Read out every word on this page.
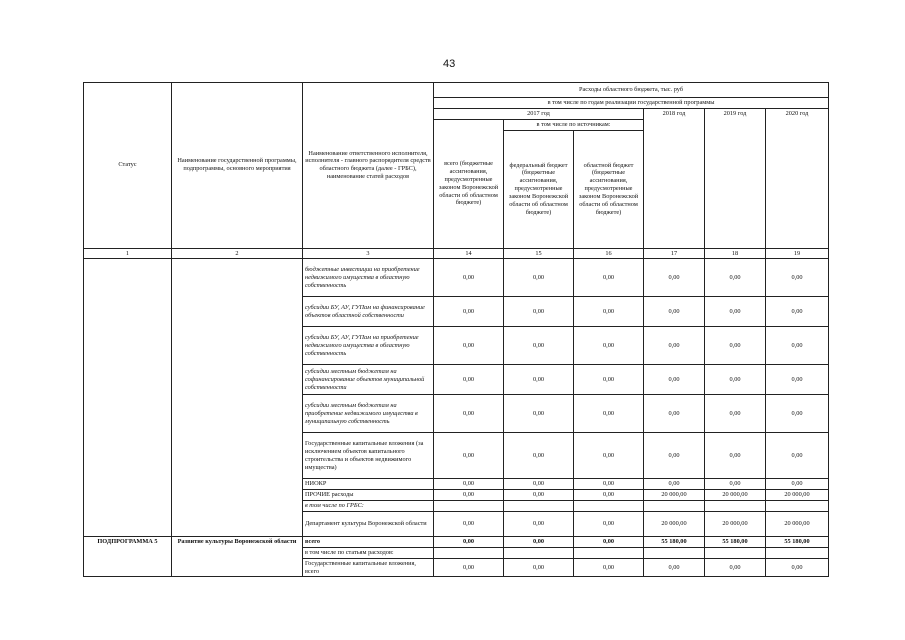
43
Статус	Наименование государственной программы, подпрограммы, основного мероприятия	Наименование ответственного исполнителя, исполнителя - главного распорядителя средств областного бюджета (далее - ГРБС), наименование статей расходов	Расходы областного бюджета, тыс. руб					
			в том числе по годам реализации государственной программы					
			2017 год			2018 год	2019 год	2020 год
			всего (бюджетные ассигнования, предусмотренные законом Воронежской области об областном бюджете)	в том числе по источникам:				
				федеральный бюджет (бюджетные ассигнования, предусмотренные законом Воронежской области об областном бюджете)	областной бюджет (бюджетные ассигнования, предусмотренные законом Воронежской области об областном бюджете)			
1	2	3	14	15	16	17	18	19
		бюджетные инвестиции на приобретение недвижимого имущества в областную собственность	0,00	0,00	0,00	0,00	0,00	0,00
		субсидии БУ, АУ, ГУПам на финансирование объектов областной собственности	0,00	0,00	0,00	0,00	0,00	0,00
		субсидии БУ, АУ, ГУПам на приобретение недвижимого имущества в областную собственность	0,00	0,00	0,00	0,00	0,00	0,00
		субсидии местным бюджетам на софинансирование объектов муниципальной собственности	0,00	0,00	0,00	0,00	0,00	0,00
		субсидии местным бюджетам на приобретение недвижимого имущества в муниципальную собственность	0,00	0,00	0,00	0,00	0,00	0,00
		Государственные капитальные вложения (за исключением объектов капитального строительства и объектов недвижимого имущества)	0,00	0,00	0,00	0,00	0,00	0,00
		НИОКР	0,00	0,00	0,00	0,00	0,00	0,00
		ПРОЧИЕ расходы	0,00	0,00	0,00	20 000,00	20 000,00	20 000,00
		в том числе по ГРБС:						
		Департамент культуры Воронежской области	0,00	0,00	0,00	20 000,00	20 000,00	20 000,00
ПОДПРОГРАММА 5	Развитие культуры Воронежской области	всего	0,00	0,00	0,00	55 180,00	55 180,00	55 180,00
		в том числе по статьям расходов:						
		Государственные капитальные вложения, всего	0,00	0,00	0,00	0,00	0,00	0,00
